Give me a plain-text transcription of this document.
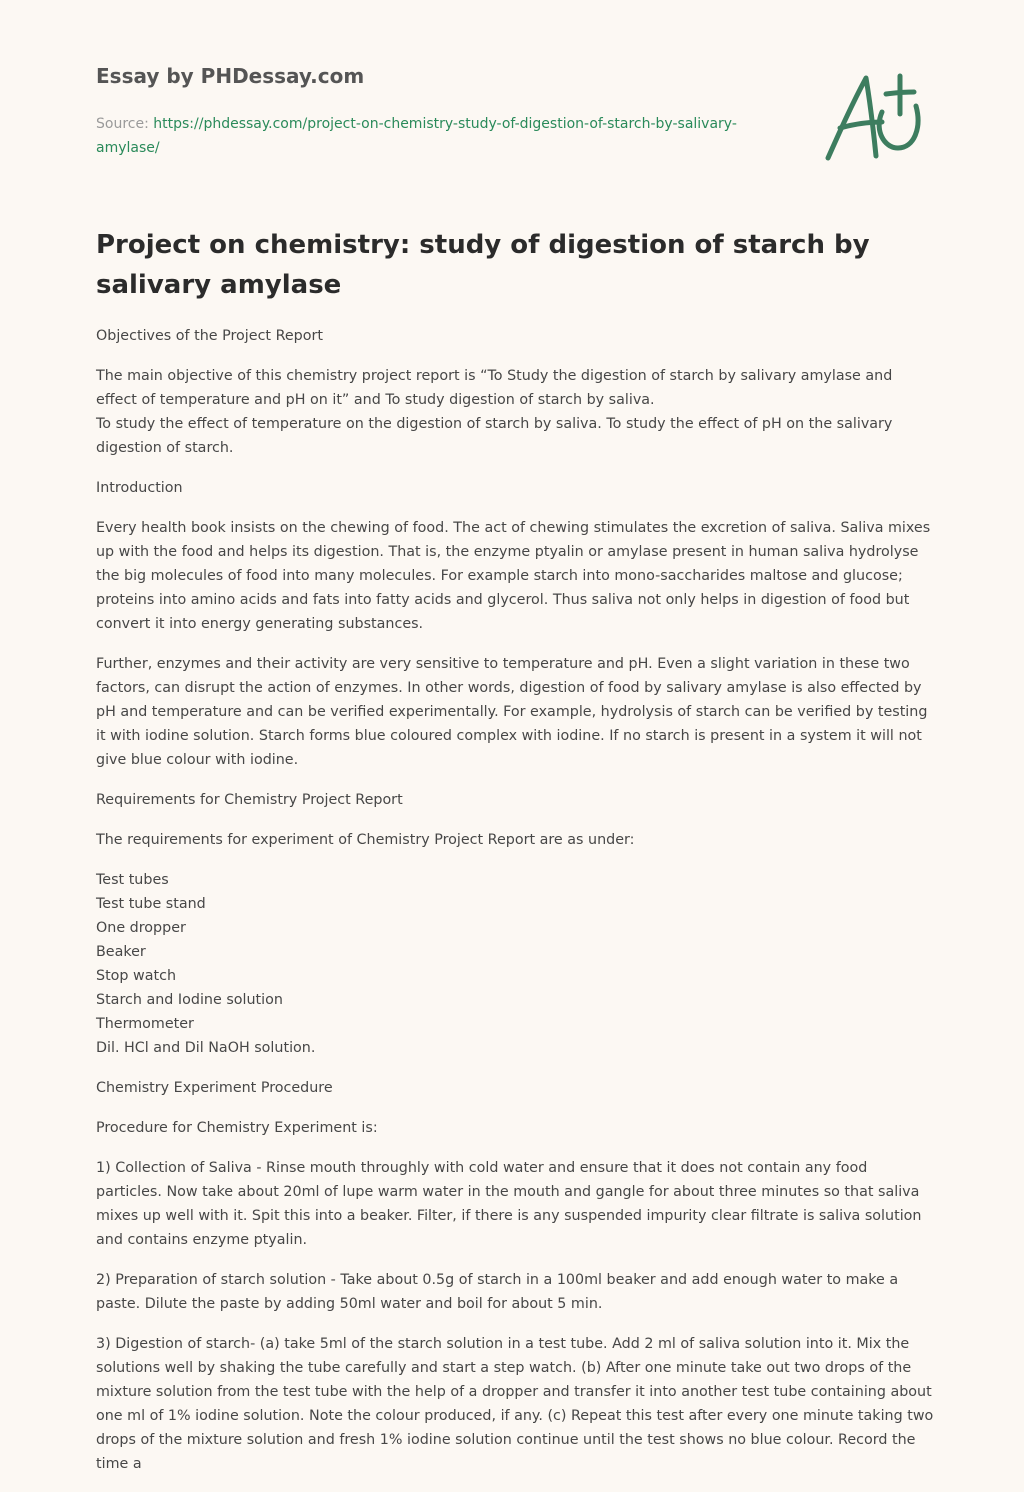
Essay by PHDessay.com
Source: https://phdessay.com/project-on-chemistry-study-of-digestion-of-starch-by-salivary-amylase/
Project on chemistry: study of digestion of starch by salivary amylase

Objectives of the Project Report

The main objective of this chemistry project report is “To Study the digestion of starch by salivary amylase and effect of temperature and pH on it” and To study digestion of starch by saliva.
To study the effect of temperature on the digestion of starch by saliva. To study the effect of pH on the salivary digestion of starch.

Introduction

Every health book insists on the chewing of food. The act of chewing stimulates the excretion of saliva. Saliva mixes up with the food and helps its digestion. That is, the enzyme ptyalin or amylase present in human saliva hydrolyse the big molecules of food into many molecules. For example starch into mono-saccharides maltose and glucose; proteins into amino acids and fats into fatty acids and glycerol. Thus saliva not only helps in digestion of food but convert it into energy generating substances.

Further, enzymes and their activity are very sensitive to temperature and pH. Even a slight variation in these two factors, can disrupt the action of enzymes. In other words, digestion of food by salivary amylase is also effected by pH and temperature and can be verified experimentally. For example, hydrolysis of starch can be verified by testing it with iodine solution. Starch forms blue coloured complex with iodine. If no starch is present in a system it will not give blue colour with iodine.

Requirements for Chemistry Project Report

The requirements for experiment of Chemistry Project Report are as under:

Test tubes
Test tube stand
One dropper
Beaker
Stop watch
Starch and Iodine solution
Thermometer
Dil. HCl and Dil NaOH solution.

Chemistry Experiment Procedure

Procedure for Chemistry Experiment is:

1) Collection of Saliva - Rinse mouth throughly with cold water and ensure that it does not contain any food particles. Now take about 20ml of lupe warm water in the mouth and gangle for about three minutes so that saliva mixes up well with it. Spit this into a beaker. Filter, if there is any suspended impurity clear filtrate is saliva solution and contains enzyme ptyalin.

2) Preparation of starch solution - Take about 0.5g of starch in a 100ml beaker and add enough water to make a paste. Dilute the paste by adding 50ml water and boil for about 5 min.

3) Digestion of starch- (a) take 5ml of the starch solution in a test tube. Add 2 ml of saliva solution into it. Mix the solutions well by shaking the tube carefully and start a step watch. (b) After one minute take out two drops of the mixture solution from the test tube with the help of a dropper and transfer it into another test tube containing about one ml of 1% iodine solution. Note the colour produced, if any. (c) Repeat this test after every one minute taking two drops of the mixture solution and fresh 1% iodine solution continue until the test shows no blue colour. Record the time a
